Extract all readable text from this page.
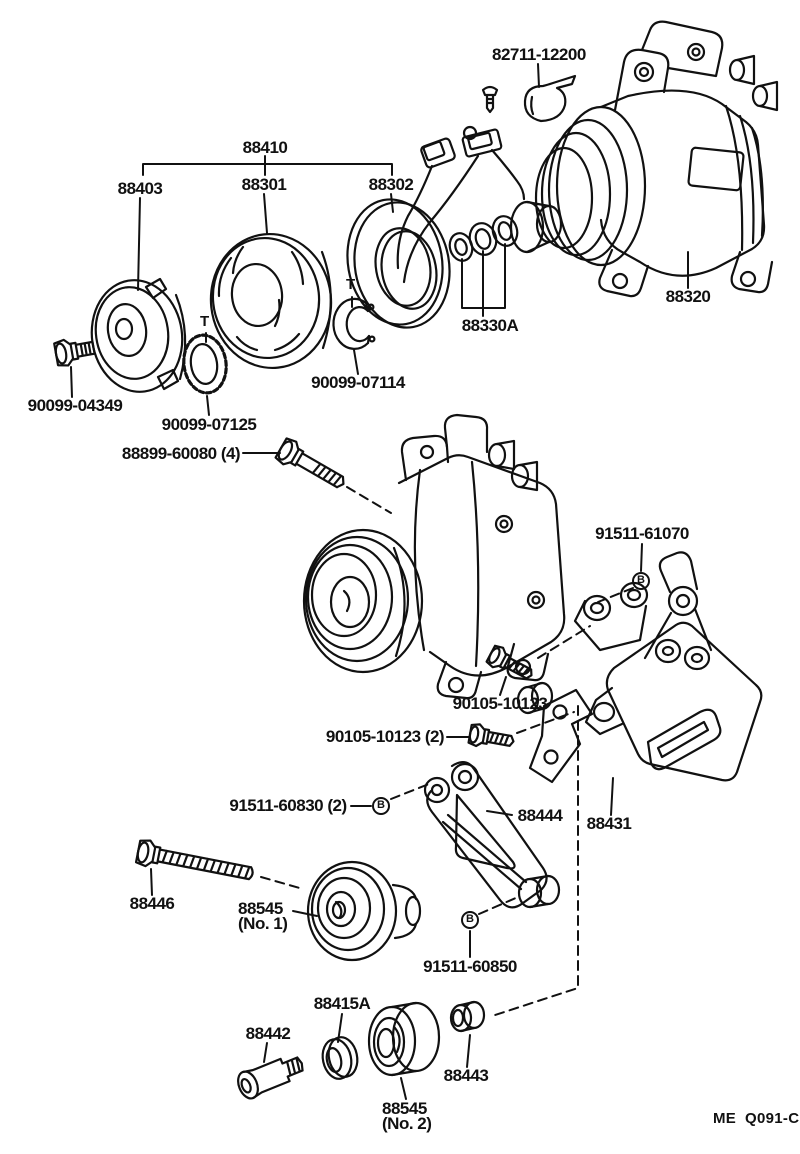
82711-12200
88410
88403	88301	88302
88320
88330A
90099-07114
90099-04349
90099-07125
88899-60080 (4)
91511-61070
90105-10123
90105-10123 (2)
91511-60830 (2)
88444 88431
88446	88545
(No. 1)
91511-60850
88415A
88442
88443
88545
(No. 2)
B
B
B
T
T
ME  Q091-C
